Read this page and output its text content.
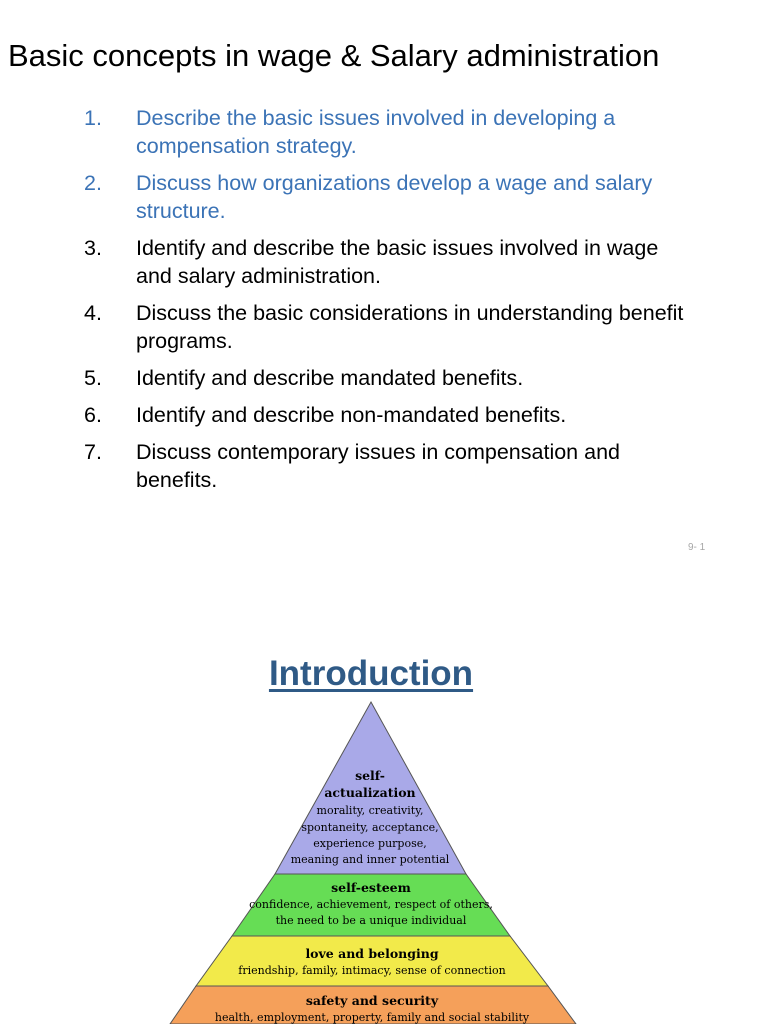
Basic concepts in wage & Salary administration
1. Describe the basic issues involved in developing a
compensation strategy.
2. Discuss how organizations develop a wage and salary
structure.
3. Identify and describe the basic issues involved in wage
and salary administration.
4. Discuss the basic considerations in understanding benefit
programs.
5. Identify and describe mandated benefits.
6. Identify and describe non-mandated benefits.
7. Discuss contemporary issues in compensation and
benefits.
9- 1
Introduction
self-
actualization
morality, creativity,
spontaneity, acceptance,
experience purpose,
meaning and inner potential
self-esteem
confidence, achievement, respect of others,
the need to be a unique individual
love and belonging
friendship, family, intimacy, sense of connection
safety and security
health, employment, property, family and social stability
